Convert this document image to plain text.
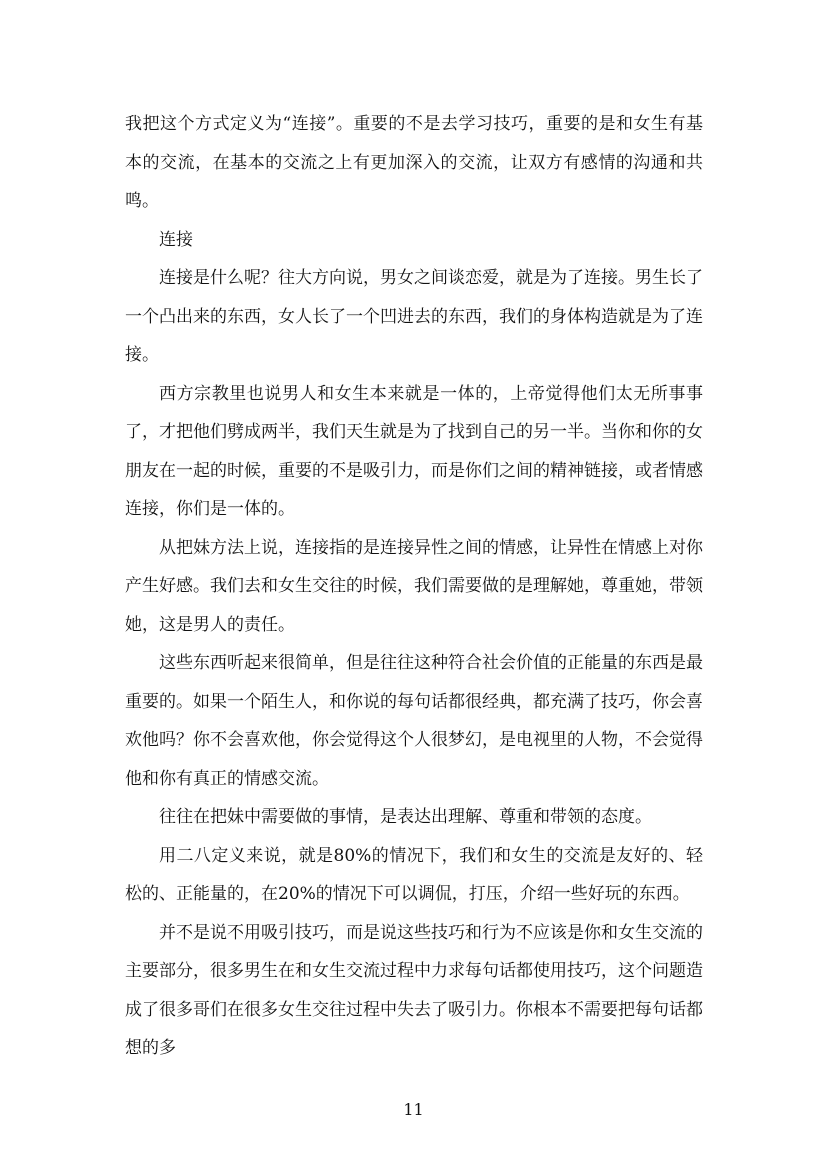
我把这个方式定义为“连接”。重要的不是去学习技巧，重要的是和女生有基本的交流，在基本的交流之上有更加深入的交流，让双方有感情的沟通和共鸣。

连接

连接是什么呢？往大方向说，男女之间谈恋爱，就是为了连接。男生长了一个凸出来的东西，女人长了一个凹进去的东西，我们的身体构造就是为了连接。

西方宗教里也说男人和女生本来就是一体的，上帝觉得他们太无所事事了，才把他们劈成两半，我们天生就是为了找到自己的另一半。当你和你的女朋友在一起的时候，重要的不是吸引力，而是你们之间的精神链接，或者情感连接，你们是一体的。

从把妹方法上说，连接指的是连接异性之间的情感，让异性在情感上对你产生好感。我们去和女生交往的时候，我们需要做的是理解她，尊重她，带领她，这是男人的责任。

这些东西听起来很简单，但是往往这种符合社会价值的正能量的东西是最重要的。如果一个陌生人，和你说的每句话都很经典，都充满了技巧，你会喜欢他吗？你不会喜欢他，你会觉得这个人很梦幻，是电视里的人物，不会觉得他和你有真正的情感交流。

往往在把妹中需要做的事情，是表达出理解、尊重和带领的态度。

用二八定义来说，就是80%的情况下，我们和女生的交流是友好的、轻松的、正能量的，在20%的情况下可以调侃，打压，介绍一些好玩的东西。

并不是说不用吸引技巧，而是说这些技巧和行为不应该是你和女生交流的主要部分，很多男生在和女生交流过程中力求每句话都使用技巧，这个问题造成了很多哥们在很多女生交往过程中失去了吸引力。你根本不需要把每句话都想的多

11
